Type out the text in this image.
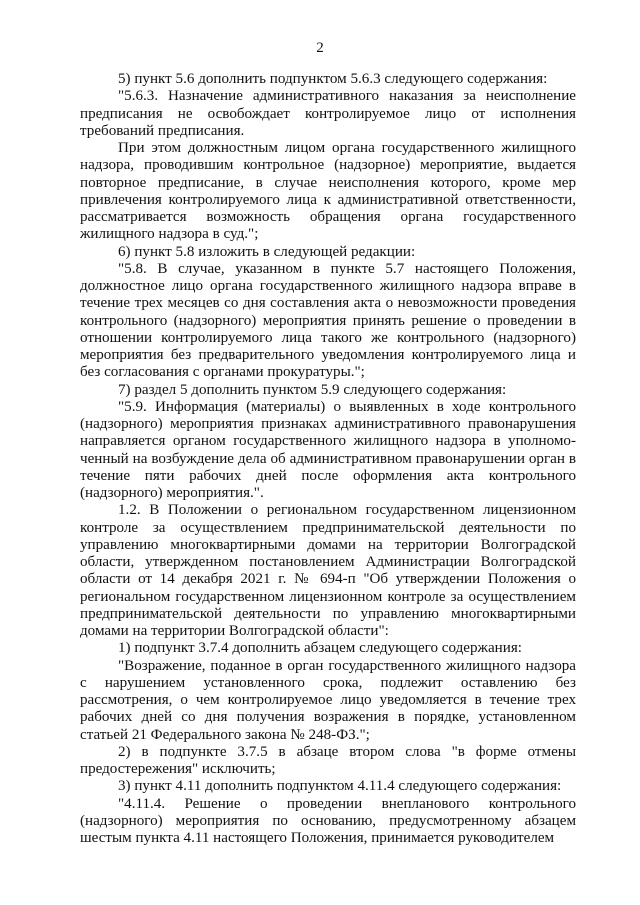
2

5) пункт 5.6 дополнить подпунктом 5.6.3 следующего содержания:

"5.6.3. Назначение административного наказания за неисполнение предписания не освобождает контролируемое лицо от исполнения требований предписания.

При этом должностным лицом органа государственного жилищного надзора, проводившим контрольное (надзорное) мероприятие, выдается повторное предписание, в случае неисполнения которого, кроме мер привлечения контролируемого лица к административной ответственности, рассматривается возможность обращения органа государственного жилищного надзора в суд.";

6) пункт 5.8 изложить в следующей редакции:

"5.8. В случае, указанном в пункте 5.7 настоящего Положения, должностное лицо органа государственного жилищного надзора вправе в течение трех месяцев со дня составления акта о невозможности проведения контрольного (надзорного) мероприятия принять решение о проведении в отношении контролируемого лица такого же контрольного (надзорного) мероприятия без предварительного уведомления контролируемого лица и без согласования с органами прокуратуры.";

7) раздел 5 дополнить пунктом 5.9 следующего содержания:

"5.9. Информация (материалы) о выявленных в ходе контрольного (надзорного) мероприятия признаках административного правонарушения направляется органом государственного жилищного надзора в уполномоченный на возбуждение дела об административном правонарушении орган в течение пяти рабочих дней после оформления акта контрольного (надзорного) мероприятия.".

1.2. В Положении о региональном государственном лицензионном контроле за осуществлением предпринимательской деятельности по управлению многоквартирными домами на территории Волгоградской области, утвержденном постановлением Администрации Волгоградской области от 14 декабря 2021 г. № 694-п "Об утверждении Положения о региональном государственном лицензионном контроле за осуществлением предпринимательской деятельности по управлению многоквартирными домами на территории Волгоградской области":

1) подпункт 3.7.4 дополнить абзацем следующего содержания:

"Возражение, поданное в орган государственного жилищного надзора с нарушением установленного срока, подлежит оставлению без рассмотрения, о чем контролируемое лицо уведомляется в течение трех рабочих дней со дня получения возражения в порядке, установленном статьей 21 Федерального закона № 248-ФЗ.";

2) в подпункте 3.7.5 в абзаце втором слова "в форме отмены предостережения" исключить;

3) пункт 4.11 дополнить подпунктом 4.11.4 следующего содержания:

"4.11.4. Решение о проведении внепланового контрольного (надзорного) мероприятия по основанию, предусмотренному абзацем шестым пункта 4.11 настоящего Положения, принимается руководителем
